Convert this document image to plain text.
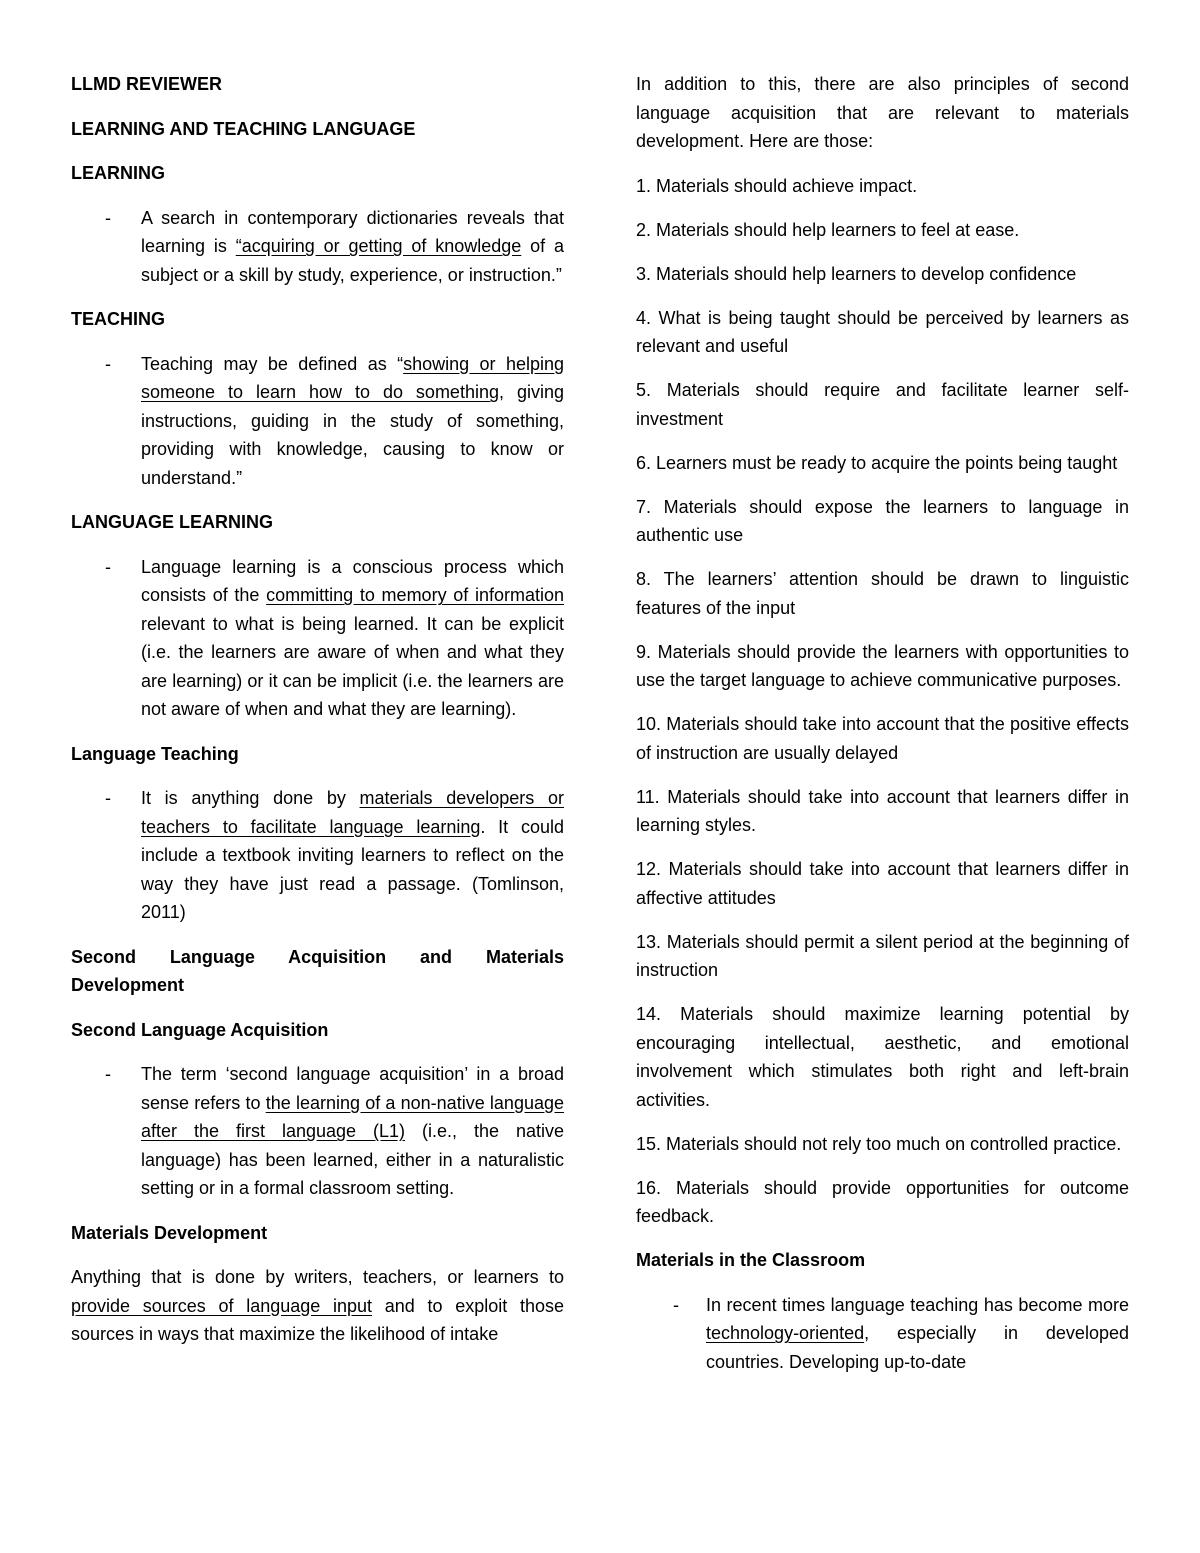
LLMD REVIEWER
LEARNING AND TEACHING LANGUAGE
LEARNING
- A search in contemporary dictionaries reveals that learning is “acquiring or getting of knowledge of a subject or a skill by study, experience, or instruction.”
TEACHING
- Teaching may be defined as “showing or helping someone to learn how to do something, giving instructions, guiding in the study of something, providing with knowledge, causing to know or understand.”
LANGUAGE LEARNING
- Language learning is a conscious process which consists of the committing to memory of information relevant to what is being learned. It can be explicit (i.e. the learners are aware of when and what they are learning) or it can be implicit (i.e. the learners are not aware of when and what they are learning).
Language Teaching
- It is anything done by materials developers or teachers to facilitate language learning. It could include a textbook inviting learners to reflect on the way they have just read a passage. (Tomlinson, 2011)
Second Language Acquisition and Materials Development
Second Language Acquisition
- The term ‘second language acquisition’ in a broad sense refers to the learning of a non-native language after the first language (L1) (i.e., the native language) has been learned, either in a naturalistic setting or in a formal classroom setting.
Materials Development

Anything that is done by writers, teachers, or learners to provide sources of language input and to exploit those sources in ways that maximize the likelihood of intake

In addition to this, there are also principles of second language acquisition that are relevant to materials development. Here are those:

1. Materials should achieve impact.

2. Materials should help learners to feel at ease.

3. Materials should help learners to develop confidence

4. What is being taught should be perceived by learners as relevant and useful

5. Materials should require and facilitate learner self-investment

6. Learners must be ready to acquire the points being taught

7. Materials should expose the learners to language in authentic use

8. The learners’ attention should be drawn to linguistic features of the input

9. Materials should provide the learners with opportunities to use the target language to achieve communicative purposes.

10. Materials should take into account that the positive effects of instruction are usually delayed

11. Materials should take into account that learners differ in learning styles.

12. Materials should take into account that learners differ in affective attitudes

13. Materials should permit a silent period at the beginning of instruction

14. Materials should maximize learning potential by encouraging intellectual, aesthetic, and emotional involvement which stimulates both right and left-brain activities.

15. Materials should not rely too much on controlled practice.

16. Materials should provide opportunities for outcome feedback.

Materials in the Classroom
- In recent times language teaching has become more technology-oriented, especially in developed countries. Developing up-to-date
